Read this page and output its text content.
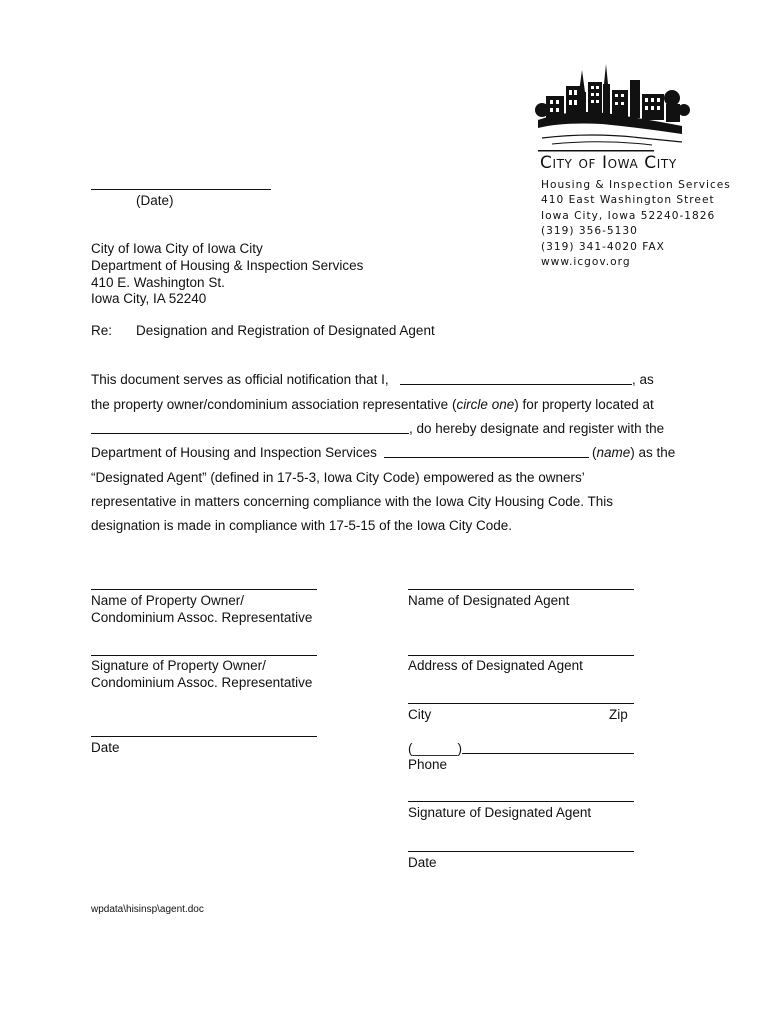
City of Iowa City
Housing & Inspection Services
410 East Washington Street
Iowa City, Iowa 52240-1826
(319) 356-5130
(319) 341-4020 FAX
www.icgov.org
(Date)
City of Iowa City of Iowa City
Department of Housing & Inspection Services
410 E. Washington St.
Iowa City, IA 52240
Re: Designation and Registration of Designated Agent
This document serves as official notification that I,	, as
the property owner/condominium association representative (circle one) for property located at
, do hereby designate and register with the
Department of Housing and Inspection Services	(name) as the
“Designated Agent” (defined in 17-5-3, Iowa City Code) empowered as the owners’
representative in matters concerning compliance with the Iowa City Housing Code. This
designation is made in compliance with 17-5-15 of the Iowa City Code.
Name of Property Owner/
Condominium Assoc. Representative
Signature of Property Owner/
Condominium Assoc. Representative
Date
Name of Designated Agent
Address of Designated Agent
City	Zip
(______)
Phone
Signature of Designated Agent
Date
wpdata\hisinsp\agent.doc
